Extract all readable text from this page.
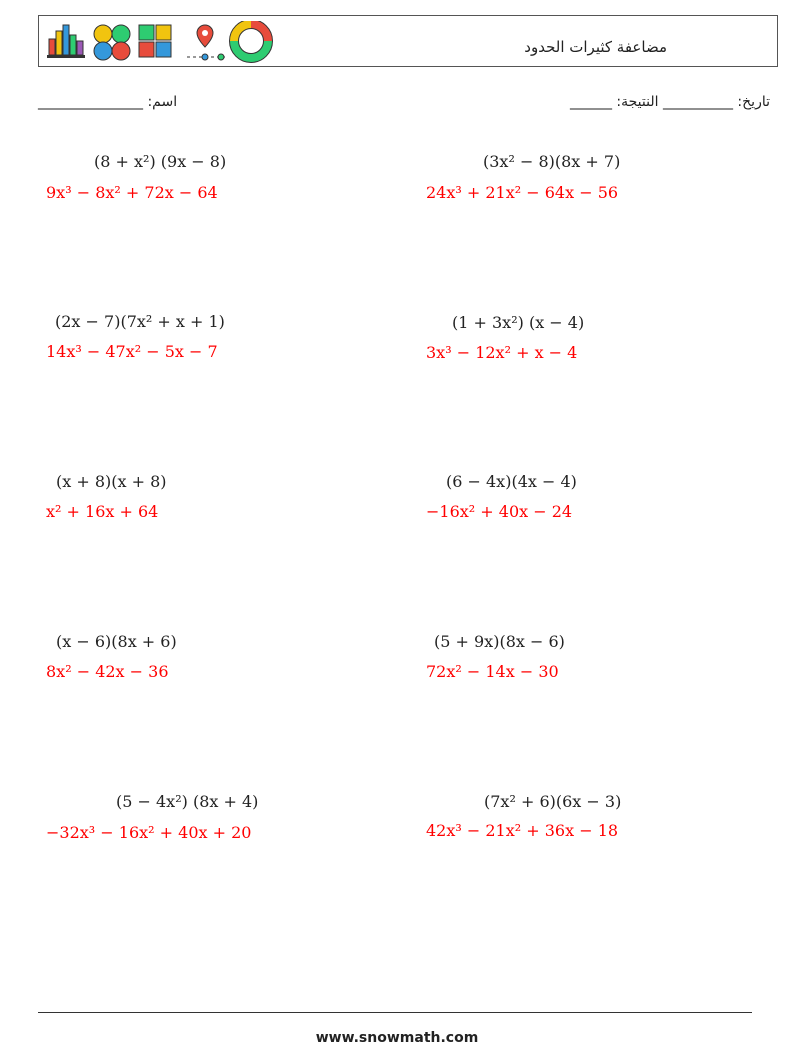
مضاعفة كثيرات الحدود
_______________ :اسم	______ :تاريخ: __________ النتيجة
(8 + x²) (9x − 8)
9x³ − 8x² + 72x − 64
(3x² − 8)(8x + 7)
24x³ + 21x² − 64x − 56
(2x − 7)(7x² + x + 1)
14x³ − 47x² − 5x − 7
(1 + 3x²) (x − 4)
3x³ − 12x² + x − 4
(x + 8)(x + 8)
x² + 16x + 64
(6 − 4x)(4x − 4)
−16x² + 40x − 24
(x − 6)(8x + 6)
8x² − 42x − 36
(5 + 9x)(8x − 6)
72x² − 14x − 30
(5 − 4x²) (8x + 4)
−32x³ − 16x² + 40x + 20
(7x² + 6)(6x − 3)
42x³ − 21x² + 36x − 18
www.snowmath.com
